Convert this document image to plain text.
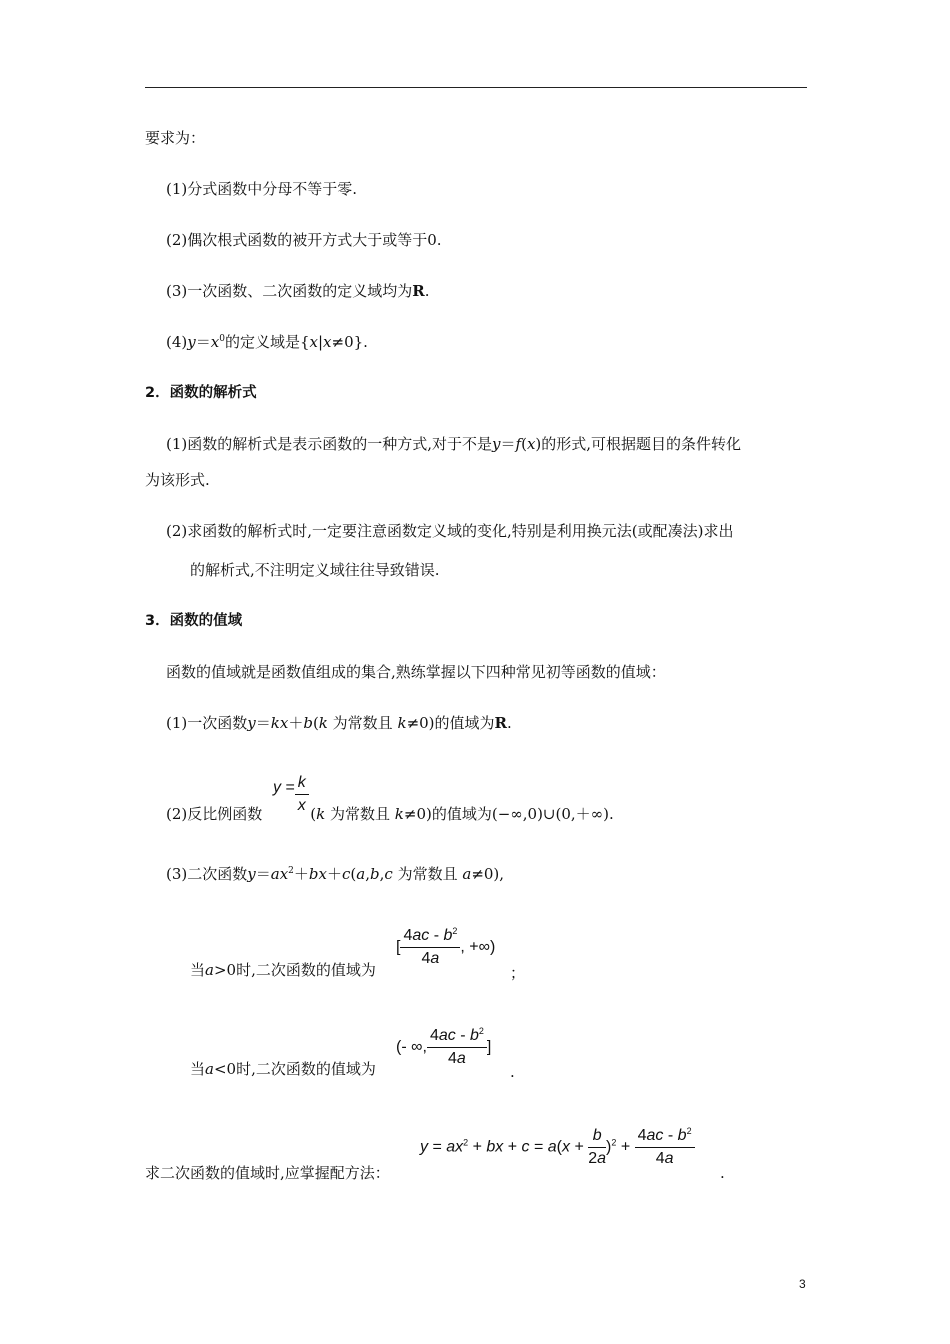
要求为：
(1)分式函数中分母不等于零.
(2)偶次根式函数的被开方式大于或等于0.
(3)一次函数、二次函数的定义域均为R.
$(4)y=x^0$的定义域是{x|x≠0}.
2．函数的解析式
(1)函数的解析式是表示函数的一种方式,对于不是y＝f(x)的形式,可根据题目的条件转化
为该形式.
(2)求函数的解析式时,一定要注意函数定义域的变化,特别是利用换元法(或配凑法)求出
的解析式,不注明定义域往往导致错误.
3．函数的值域
函数的值域就是函数值组成的集合,熟练掌握以下四种常见初等函数的值域：
(1)一次函数y＝kx＋b(k 为常数且 k≠0)的值域为R.
$y = \frac{k}{x}$
(2)反比例函数	(k 为常数且 k≠0)的值域为(−∞,0)∪(0,＋∞).
(3)二次函数$y=ax^2+bx+c(a,b,c$ 为常数且 a≠0),
[ $\frac{4ac - b^2}{4a}$ , +∞)
当a>0时,二次函数的值域为	；
(- ∞, $\frac{4ac - b^2}{4a}$ ]
当a<0时,二次函数的值域为	.
$y = ax^2$ + bx + $c = a(x + \frac{b}{2a} )^2 + \frac{4ac - b^2}{4a}$
求二次函数的值域时,应掌握配方法：	.
3
